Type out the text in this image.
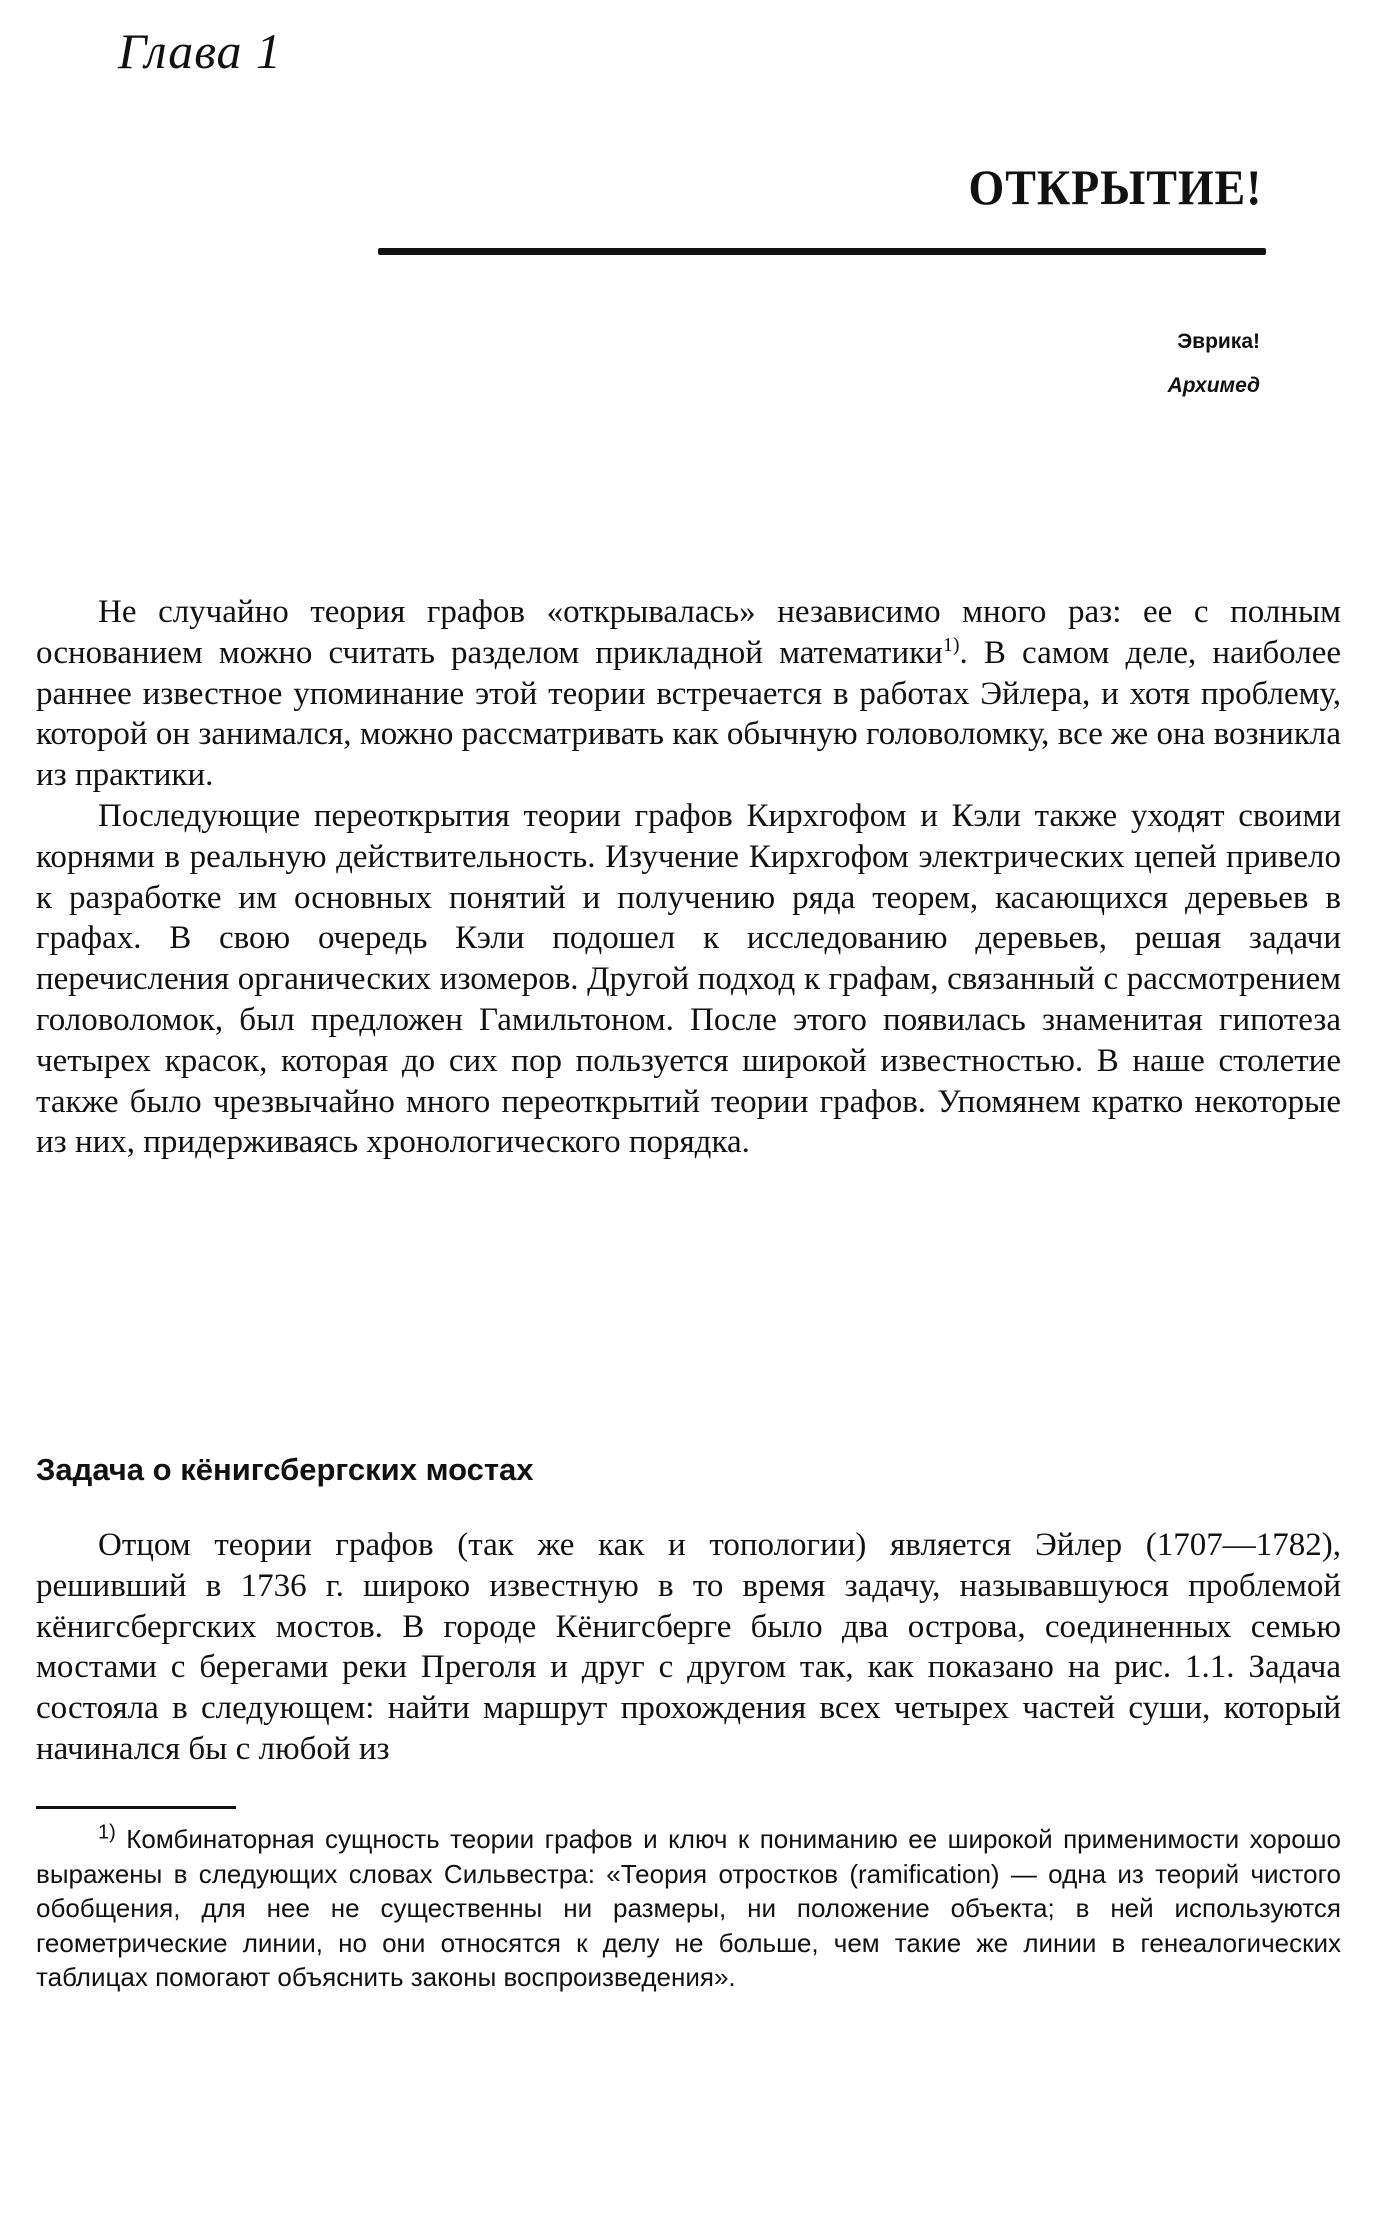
Глава 1
ОТКРЫТИЕ!
Эврика!
Архимед

Не случайно теория графов «открывалась» независимо много раз: ее с полным основанием можно считать разделом прикладной математики$^{1)}$. В самом деле, наиболее раннее известное упоминание этой теории встречается в работах Эйлера, и хотя проблему, которой он занимался, можно рассматривать как обычную головоломку, все же она возникла из практики.

Последующие переоткрытия теории графов Кирхгофом и Кэли также уходят своими корнями в реальную действительность. Изучение Кирхгофом электрических цепей привело к разработке им основных понятий и получению ряда теорем, касающихся деревьев в графах. В свою очередь Кэли подошел к исследованию деревьев, решая задачи перечисления органических изомеров. Другой подход к графам, связанный с рассмотрением головоломок, был предложен Гамильтоном. После этого появилась знаменитая гипотеза четырех красок, которая до сих пор пользуется широкой известностью. В наше столетие также было чрезвычайно много переоткрытий теории графов. Упомянем кратко некоторые из них, придерживаясь хронологического порядка.

Задача о кёнигсбергских мостах

Отцом теории графов (так же как и топологии) является Эйлер (1707—1782), решивший в 1736 г. широко известную в то время задачу, называвшуюся проблемой кёнигсбергских мостов. В городе Кёнигсберге было два острова, соединенных семью мостами с берегами реки Преголя и друг с другом так, как показано на рис. 1.1. Задача состояла в следующем: найти маршрут прохождения всех четырех частей суши, который начинался бы с любой из

$^{1)}$ Комбинаторная сущность теории графов и ключ к пониманию ее широкой применимости хорошо выражены в следующих словах Сильвестра: «Теория отростков (ramification) — одна из теорий чистого обобщения, для нее не существенны ни размеры, ни положение объекта; в ней используются геометрические линии, но они относятся к делу не больше, чем такие же линии в генеалогических таблицах помогают объяснить законы воспроизведения».
